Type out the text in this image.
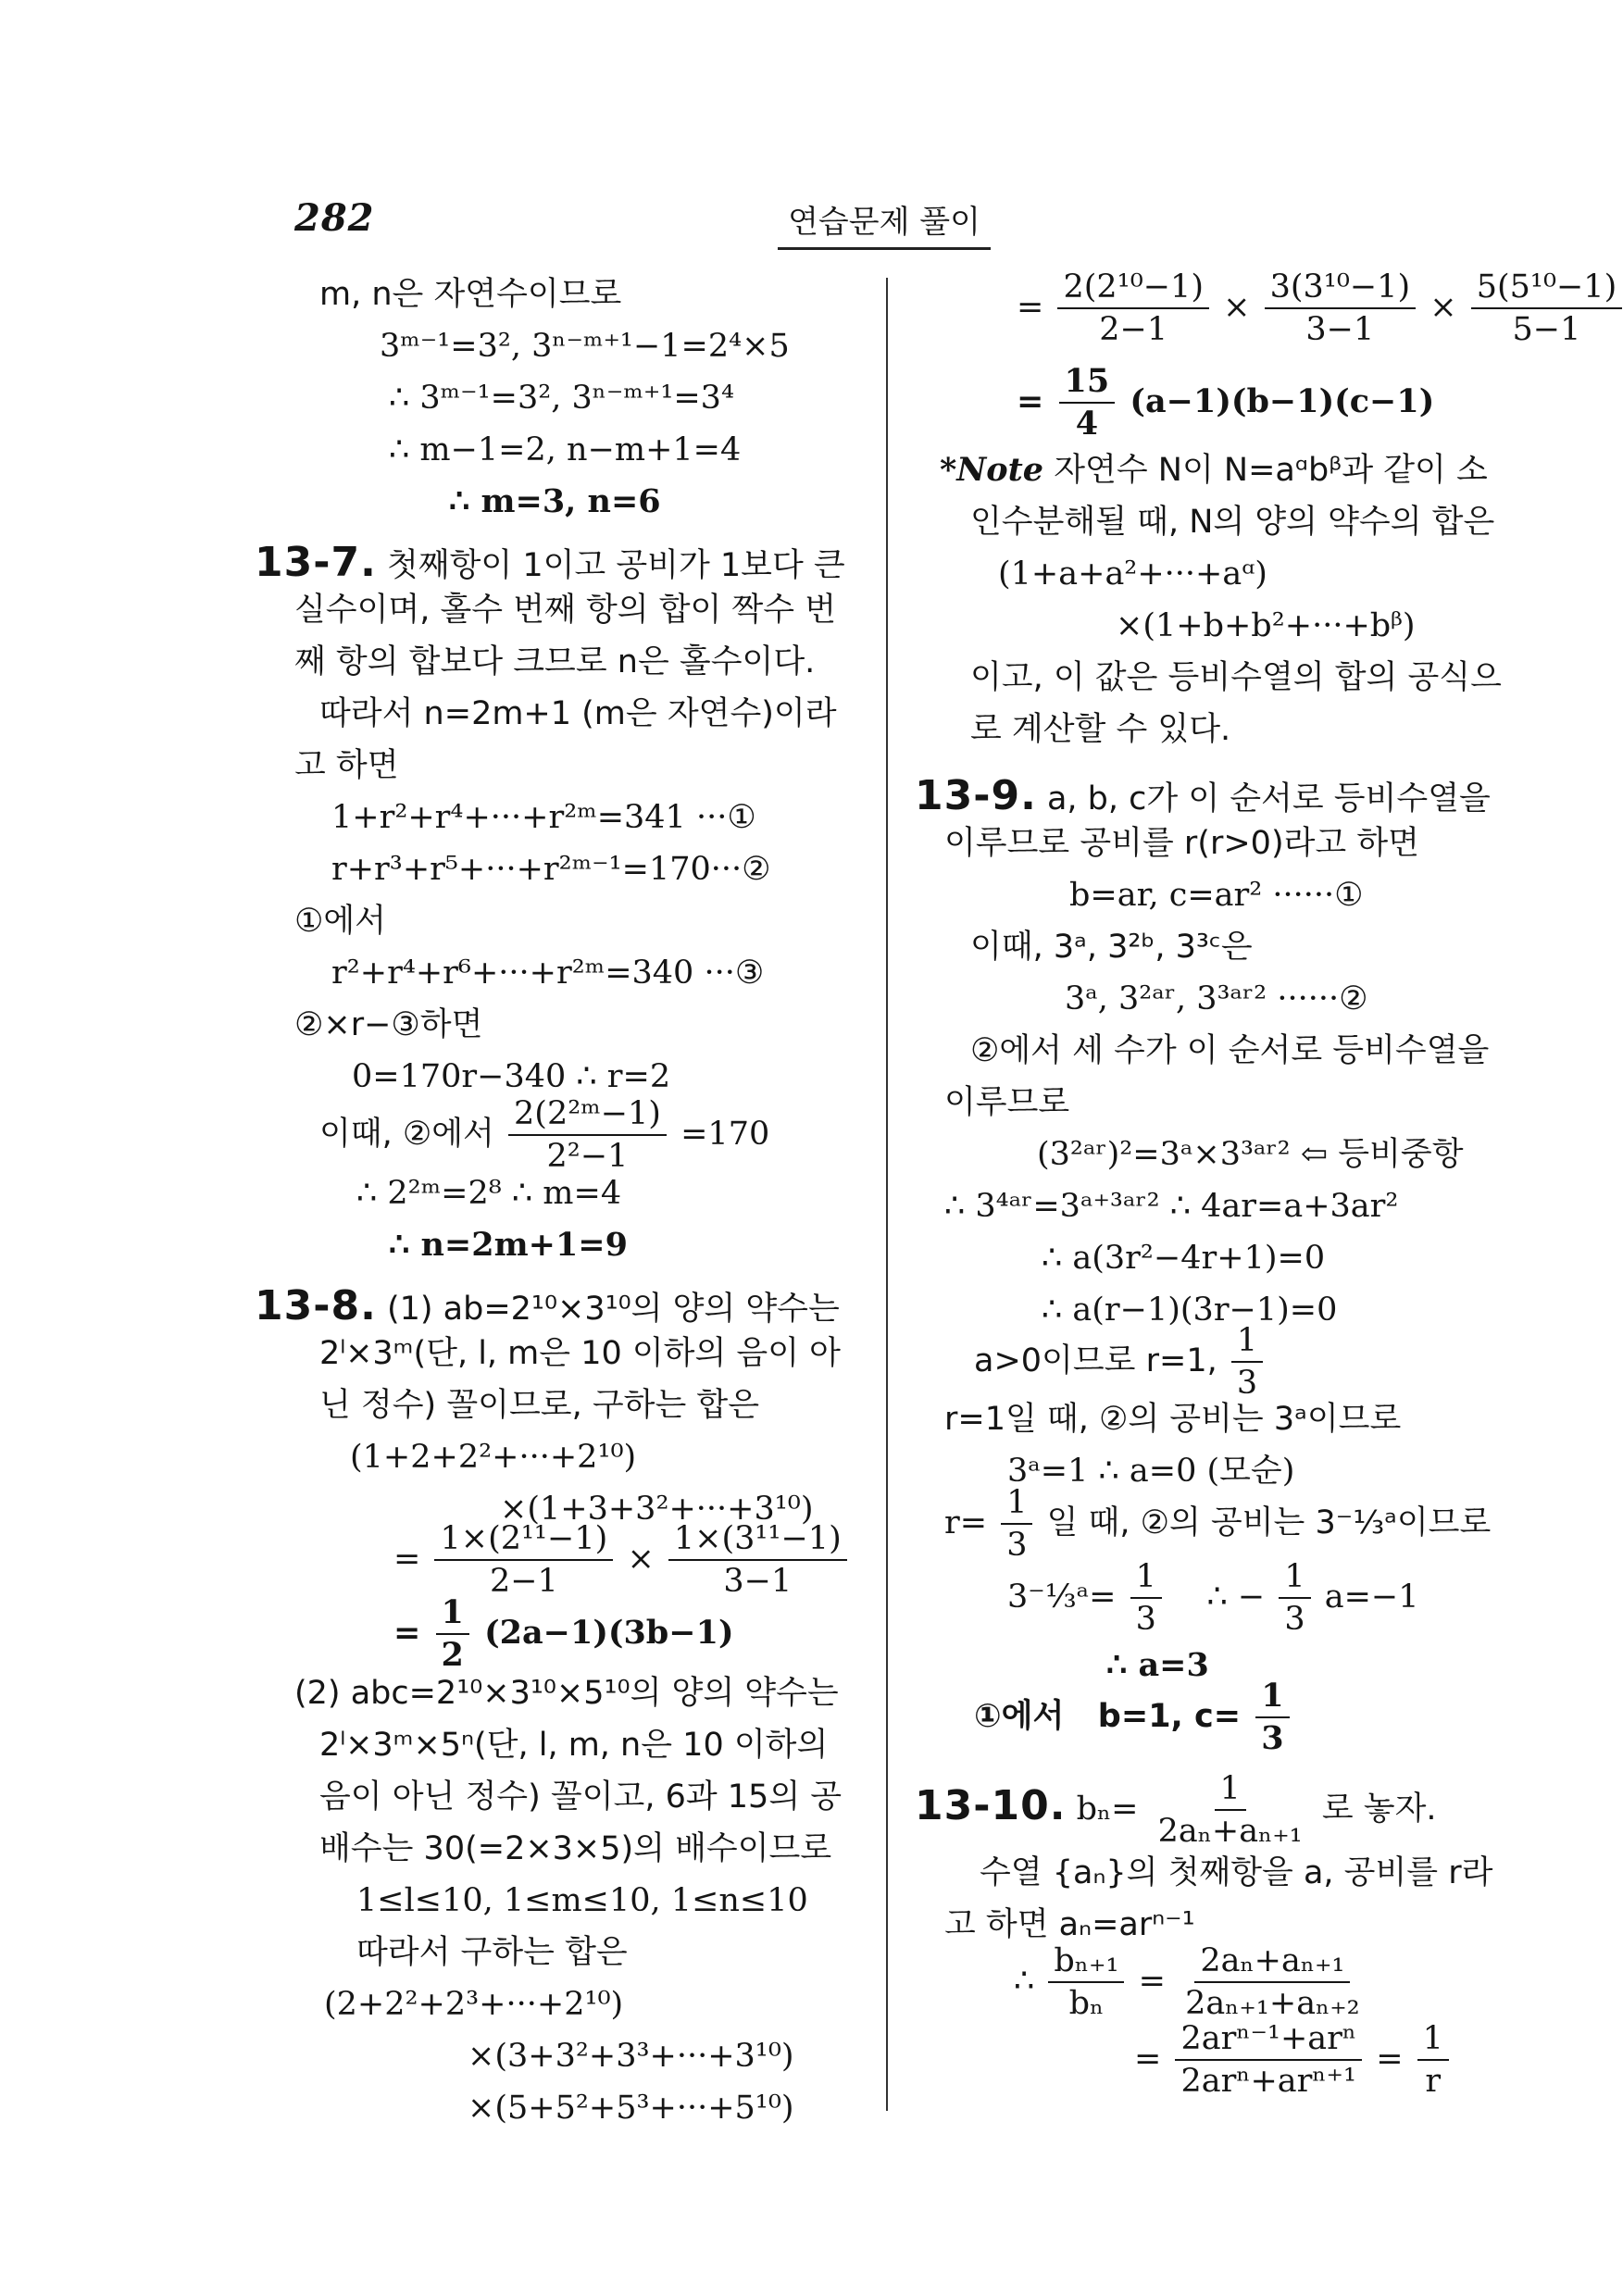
282	연습문제 풀이
m, n은 자연수이므로
3ᵐ⁻¹=3², 3ⁿ⁻ᵐ⁺¹−1=2⁴×5
∴ 3ᵐ⁻¹=3², 3ⁿ⁻ᵐ⁺¹=3⁴
∴ m−1=2, n−m+1=4
∴ m=3, n=6
13-7. 첫째항이 1이고 공비가 1보다 큰
실수이며, 홀수 번째 항의 합이 짝수 번
째 항의 합보다 크므로 n은 홀수이다.
따라서 n=2m+1 (m은 자연수)이라
고 하면
1+r²+r⁴+···+r²ᵐ=341 ···①
r+r³+r⁵+···+r²ᵐ⁻¹=170···②
①에서
r²+r⁴+r⁶+···+r²ᵐ=340 ···③
②×r−③하면
0=170r−340 ∴ r=2
이때, ②에서 $\frac{\text{2(2²ᵐ−1)}}{\text{2²−1}} =170$
∴ 2²ᵐ=2⁸ ∴ m=4
∴ n=2m+1=9
13-8. (1) ab=2¹⁰×3¹⁰의 양의 약수는
2ˡ×3ᵐ(단, l, m은 10 이하의 음이 아
닌 정수) 꼴이므로, 구하는 합은
(1+2+2²+···+2¹⁰)
×(1+3+3²+···+3¹⁰)
= $\frac{\text{1×(2¹¹−1)}}{2-1} \times \frac{\text{1×(3¹¹−1)}}{3-1}$
= $\frac{1}{2} (2a-1)(3b-1)$
(2) abc=2¹⁰×3¹⁰×5¹⁰의 양의 약수는
2ˡ×3ᵐ×5ⁿ(단, l, m, n은 10 이하의
음이 아닌 정수) 꼴이고, 6과 15의 공
배수는 30(=2×3×5)의 배수이므로
1≤l≤10, 1≤m≤10, 1≤n≤10
따라서 구하는 합은
(2+2²+2³+···+2¹⁰)
×(3+3²+3³+···+3¹⁰)
×(5+5²+5³+···+5¹⁰)
= $\frac{\text{2(2¹⁰−1)}}{2-1} \times \frac{\text{3(3¹⁰−1)}}{3-1} \times \frac{\text{5(5¹⁰−1)}}{5-1}$
= $\frac{15}{4} (a-1)(b-1)(c-1)$
*Note 자연수 N이 N=aᵅbᵝ과 같이 소
인수분해될 때, N의 양의 약수의 합은
(1+a+a²+···+aᵅ)
×(1+b+b²+···+bᵝ)
이고, 이 값은 등비수열의 합의 공식으
로 계산할 수 있다.
13-9. a, b, c가 이 순서로 등비수열을
이루므로 공비를 r(r>0)라고 하면
b=ar, c=ar² ······①
이때, 3ᵃ, 3²ᵇ, 3³ᶜ은
3ᵃ, 3²ᵃʳ, 3³ᵃʳ² ······②
②에서 세 수가 이 순서로 등비수열을
이루므로
(3²ᵃʳ)²=3ᵃ×3³ᵃʳ² ⇦ 등비중항
∴ 3⁴ᵃʳ=3ᵃ⁺³ᵃʳ² ∴ 4ar=a+3ar²
∴ a(3r²−4r+1)=0
∴ a(r−1)(3r−1)=0
a>0이므로 r=1, $\frac{1}{3}$
r=1일 때, ②의 공비는 3ᵃ이므로
3ᵃ=1 ∴ a=0 (모순)
$r= \frac{1}{3}$ 일 때, ②의 공비는 3⁻⅓ᵃ이므로
3⁻⅓ᵃ= $\frac{1}{3}$ ∴ − $\frac{1}{3} a=-1$
∴ a=3
①에서   b=1, $c= \frac{1}{3}$
13-10. $b_n= \frac{1}{\text{2aₙ+aₙ₊₁}}$ 로 놓자.
수열 {aₙ}의 첫째항을 a, 공비를 r라
고 하면 aₙ=arⁿ⁻¹
∴ $\frac{\text{bₙ₊₁}}{\text{bₙ}} = \frac{\text{2aₙ+aₙ₊₁}}{\text{2aₙ₊₁+aₙ₊₂}}$
= $\frac{\text{2arⁿ⁻¹+arⁿ}}{\text{2arⁿ+arⁿ⁺¹}} = \frac{1}{r}$
